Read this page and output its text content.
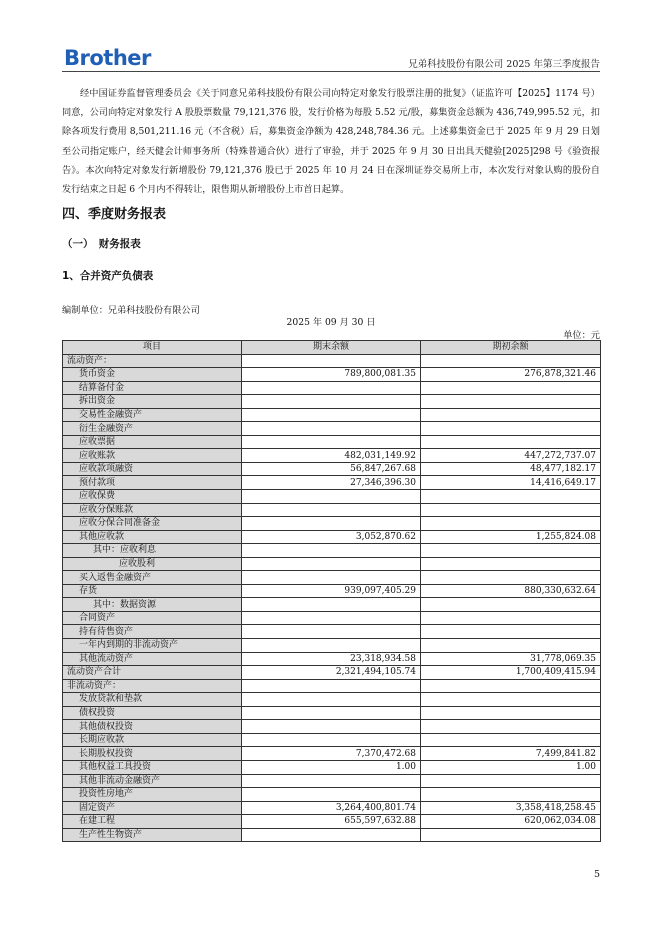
Brother	兄弟科技股份有限公司 2025 年第三季度报告

经中国证券监督管理委员会《关于同意兄弟科技股份有限公司向特定对象发行股票注册的批复》（证监许可【2025】1174 号）同意，公司向特定对象发行 A 股股票数量 79,121,376 股，发行价格为每股 5.52 元/股，募集资金总额为 436,749,995.52 元，扣除各项发行费用 8,501,211.16 元（不含税）后，募集资金净额为 428,248,784.36 元。上述募集资金已于 2025 年 9 月 29 日划至公司指定账户，经天健会计师事务所（特殊普通合伙）进行了审验，并于 2025 年 9 月 30 日出具天健验[2025]298 号《验资报告》。本次向特定对象发行新增股份 79,121,376 股已于 2025 年 10 月 24 日在深圳证券交易所上市，本次发行对象认购的股份自发行结束之日起 6 个月内不得转让，限售期从新增股份上市首日起算。

四、季度财务报表
（一）　财务报表
1、合并资产负债表
编制单位：兄弟科技股份有限公司
2025 年 09 月 30 日
单位：元
项目	期末余额	期初余额
流动资产：		
货币资金	789,800,081.35	276,878,321.46
结算备付金		
拆出资金		
交易性金融资产		
衍生金融资产		
应收票据		
应收账款	482,031,149.92	447,272,737.07
应收款项融资	56,847,267.68	48,477,182.17
预付款项	27,346,396.30	14,416,649.17
应收保费		
应收分保账款		
应收分保合同准备金		
其他应收款	3,052,870.62	1,255,824.08
其中：应收利息		
应收股利		
买入返售金融资产		
存货	939,097,405.29	880,330,632.64
其中：数据资源		
合同资产		
持有待售资产		
一年内到期的非流动资产		
其他流动资产	23,318,934.58	31,778,069.35
流动资产合计	2,321,494,105.74	1,700,409,415.94
非流动资产：		
发放贷款和垫款		
债权投资		
其他债权投资		
长期应收款		
长期股权投资	7,370,472.68	7,499,841.82
其他权益工具投资	1.00	1.00
其他非流动金融资产		
投资性房地产		
固定资产	3,264,400,801.74	3,358,418,258.45
在建工程	655,597,632.88	620,062,034.08
生产性生物资产		
5
